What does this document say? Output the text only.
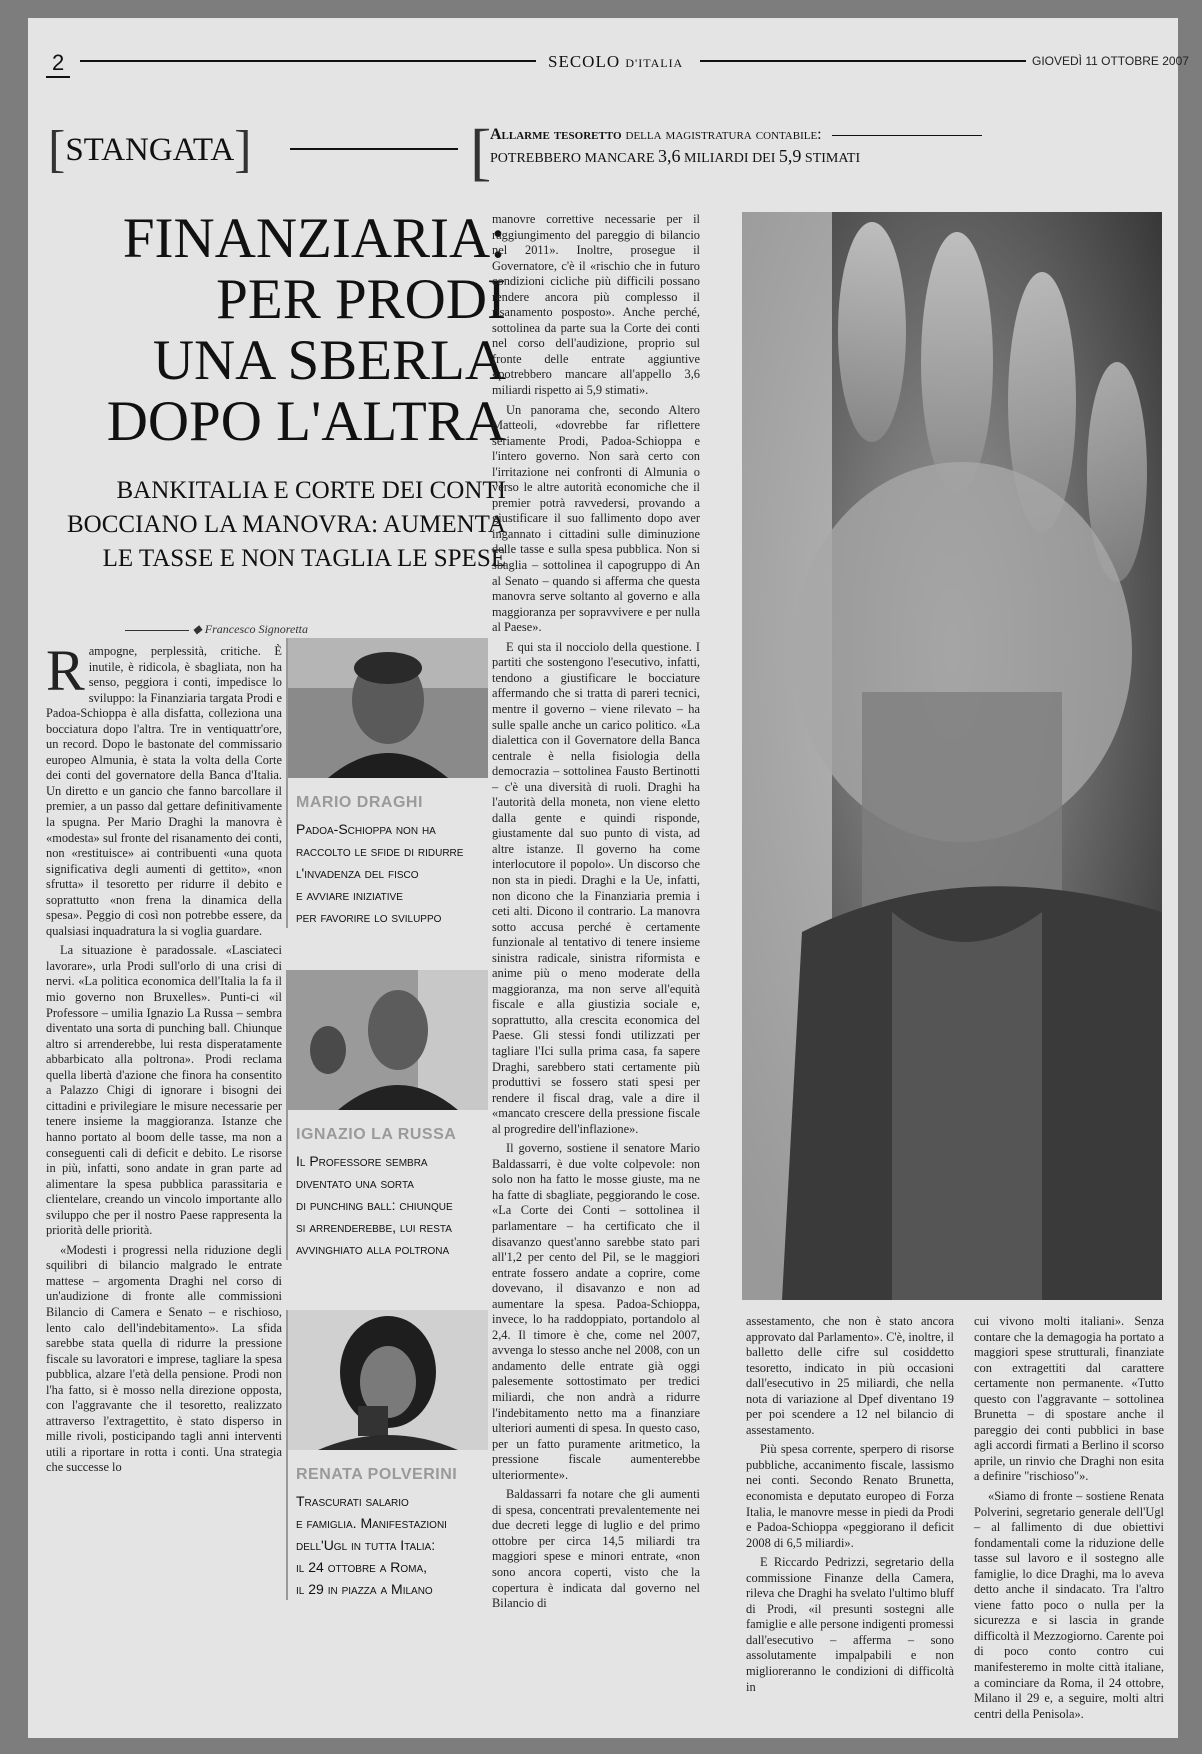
2	SECOLO D'ITALIA	GIOVEDÌ 11 OTTOBRE 2007
[STANGATA]	[
Allarme tesoretto della magistratura contabile:
POTREBBERO MANCARE 3,6 MILIARDI DEI 5,9 STIMATI
FINANZIARIA:
PER PRODI
UNA SBERLA
DOPO L'ALTRA
BANKITALIA E CORTE DEI CONTI
BOCCIANO LA MANOVRA: AUMENTA
LE TASSE E NON TAGLIA LE SPESE
◆ Francesco Signoretta

Rampogne, perplessità, critiche. È inutile, è ridicola, è sbagliata, non ha senso, peggiora i conti, impedisce lo sviluppo: la Finanziaria targata Prodi e Padoa-Schioppa è alla disfatta, collezionа una bocciatura dopo l'altra. Tre in ventiquattr'ore, un record. Dopo le bastonate del commissario europeo Almunia, è stata la volta della Corte dei conti del governatore della Banca d'Italia. Un diretto e un gancio che fanno barcollare il premier, a un passo dal gettare definitivamente la spugna. Per Mario Draghi la manovra è «modesta» sul fronte del risanamento dei conti, non «restituisce» ai contribuenti «una quota significativa degli aumenti di gettito», «non sfrutta» il tesoretto per ridurre il debito e soprattutto «non frena la dinamica della spesa». Peggio di così non potrebbe essere, da qualsiasi inquadratura la si voglia guardare.

La situazione è paradossale. «Lasciateci lavorare», urla Prodi sull'orlo di una crisi di nervi. «La politica economica dell'Italia la fa il mio governo non Bruxelles». Punti-ci «il Professore – umilia Ignazio La Russa – sembra diventato una sorta di punching ball. Chiunque altro si arrenderebbe, lui resta disperatamente abbarbicato alla poltrona». Prodi reclama quella libertà d'azione che finora ha consentito a Palazzo Chigi di ignorare i bisogni dei cittadini e privilegiare le misure necessarie per tenere insieme la maggioranza. Istanze che hanno portato al boom delle tasse, ma non a conseguenti cali di deficit e debito. Le risorse in più, infatti, sono andate in gran parte ad alimentare la spesa pubblica parassitaria e clientelare, creando un vincolo importante allo sviluppo che per il nostro Paese rappresenta la priorità delle priorità.

«Modesti i progressi nella riduzione degli squilibri di bilancio malgrado le entrate mattese – argomenta Draghi nel corso di un'audizione di fronte alle commissioni Bilancio di Camera e Senato – e rischioso, lento calo dell'indebitamento». La sfida sarebbe stata quella di ridurre la pressione fiscale su lavoratori e imprese, tagliare la spesa pubblica, alzare l'età della pensione. Prodi non l'ha fatto, si è mosso nella direzione opposta, con l'aggravante che il tesoretto, realizzato attraverso l'extragettito, è stato disperso in mille rivoli, posticipando tagli anni interventi utili a riportare in rotta i conti. Una strategia che successe lo

MARIO DRAGHI
Padoa-Schioppa non ha
raccolto le sfide di ridurre
l'invadenza del fisco
e avviare iniziative
per favorire lo sviluppo
IGNAZIO LA RUSSA
Il Professore sembra
diventato una sorta
di punching ball: chiunque
si arrenderebbe, lui resta
avvinghiato alla poltrona
RENATA POLVERINI
Trascurati salario
e famiglia. Manifestazioni
dell'Ugl in tutta Italia:
il 24 ottobre a Roma,
il 29 in piazza a Milano

manovre correttive necessarie per il raggiungimento del pareggio di bilancio nel 2011». Inoltre, prosegue il Governatore, c'è il «rischio che in futuro condizioni cicliche più difficili possano rendere ancora più complesso il risanamento posposto». Anche perché, sottolinea da parte sua la Corte dei conti nel corso dell'audizione, proprio sul fronte delle entrate aggiuntive «potrebbero mancare all'appello 3,6 miliardi rispetto ai 5,9 stimati».

Un panorama che, secondo Altero Matteoli, «dovrebbe far riflettere seriamente Prodi, Padoa-Schioppa e l'intero governo. Non sarà certo con l'irritazione nei confronti di Almunia o verso le altre autorità economiche che il premier potrà ravvedersi, provando a giustificare il suo fallimento dopo aver ingannato i cittadini sulle diminuzione delle tasse e sulla spesa pubblica. Non si sbaglia – sottolinea il capogruppo di An al Senato – quando si afferma che questa manovra serve soltanto al governo e alla maggioranza per sopravvivere e per nulla al Paese».

E qui sta il nocciolo della questione. I partiti che sostengono l'esecutivo, infatti, tendono a giustificare le bocciature affermando che si tratta di pareri tecnici, mentre il governo – viene rilevato – ha sulle spalle anche un carico politico. «La dialettica con il Governatore della Banca centrale è nella fisiologia della democrazia – sottolinea Fausto Bertinotti – c'è una diversità di ruoli. Draghi ha l'autorità della moneta, non viene eletto dalla gente e quindi risponde, giustamente dal suo punto di vista, ad altre istanze. Il governo ha come interlocutore il popolo». Un discorso che non sta in piedi. Draghi e la Ue, infatti, non dicono che la Finanziaria premia i ceti alti. Dicono il contrario. La manovra sotto accusa perché è certamente funzionale al tentativo di tenere insieme sinistra radicale, sinistra riformista e anime più o meno moderate della maggioranza, ma non serve all'equità fiscale e alla giustizia sociale e, soprattutto, alla crescita economica del Paese. Gli stessi fondi utilizzati per tagliare l'Ici sulla prima casa, fa sapere Draghi, sarebbero stati certamente più produttivi se fossero stati spesi per rendere il fiscal drag, vale a dire il «mancato crescere della pressione fiscale al progredire dell'inflazione».

Il governo, sostiene il senatore Mario Baldassarri, è due volte colpevole: non solo non ha fatto le mosse giuste, ma ne ha fatte di sbagliate, peggiorando le cose. «La Corte dei Conti – sottolinea il parlamentare – ha certificato che il disavanzo quest'anno sarebbe stato pari all'1,2 per cento del Pil, se le maggiori entrate fossero andate a coprire, come dovevano, il disavanzo e non ad aumentare la spesa. Padoa-Schioppa, invece, lo ha raddoppiato, portandolo al 2,4. Il timore è che, come nel 2007, avvenga lo stesso anche nel 2008, con un andamento delle entrate già oggi palesemente sottostimato per tredici miliardi, che non andrà a ridurre l'indebitamento netto ma a finanziare ulteriori aumenti di spesa. In questo caso, per un fatto puramente aritmetico, la pressione fiscale aumenterebbe ulteriormente».

Baldassarri fa notare che gli aumenti di spesa, concentrati prevalentemente nei due decreti legge di luglio e del primo ottobre per circa 14,5 miliardi tra maggiori spese e minori entrate, «non sono ancora coperti, visto che la copertura è indicata dal governo nel Bilancio di

assestamento, che non è stato ancora approvato dal Parlamento». C'è, inoltre, il balletto delle cifre sul cosiddetto tesoretto, indicato in più occasioni dall'esecutivo in 25 miliardi, che nella nota di variazione al Dpef diventano 19 per poi scendere a 12 nel bilancio di assestamento.

Più spesa corrente, sperpero di risorse pubbliche, accanimento fiscale, lassismo nei conti. Secondo Renato Brunetta, economista e deputato europeo di Forza Italia, le manovre messe in piedi da Prodi e Padoa-Schioppa «peggiorano il deficit 2008 di 6,5 miliardi».

E Riccardo Pedrizzi, segretario della commissione Finanze della Camera, rileva che Draghi ha svelato l'ultimo bluff di Prodi, «il presunti sostegni alle famiglie e alle persone indigenti promessi dall'esecutivo – afferma – sono assolutamente impalpabili e non miglioreranno le condizioni di difficoltà in

cui vivono molti italiani». Senza contare che la demagogia ha portato a maggiori spese strutturali, finanziate con extragettiti dal carattere certamente non permanente. «Tutto questo con l'aggravante – sottolinea Brunetta – di spostare anche il pareggio dei conti pubblici in base agli accordi firmati a Berlino il scorso aprile, un rinvio che Draghi non esita a definire "rischioso"».

«Siamo di fronte – sostiene Renata Polverini, segretario generale dell'Ugl – al fallimento di due obiettivi fondamentali come la riduzione delle tasse sul lavoro e il sostegno alle famiglie, lo dice Draghi, ma lo aveva detto anche il sindacato. Tra l'altro viene fatto poco o nulla per la sicurezza e si lascia in grande difficoltà il Mezzogiorno. Carente poi di poco conto contro cui manifesteremo in molte città italiane, a cominciare da Roma, il 24 ottobre, Milano il 29 e, a seguire, molti altri centri della Penisola».
